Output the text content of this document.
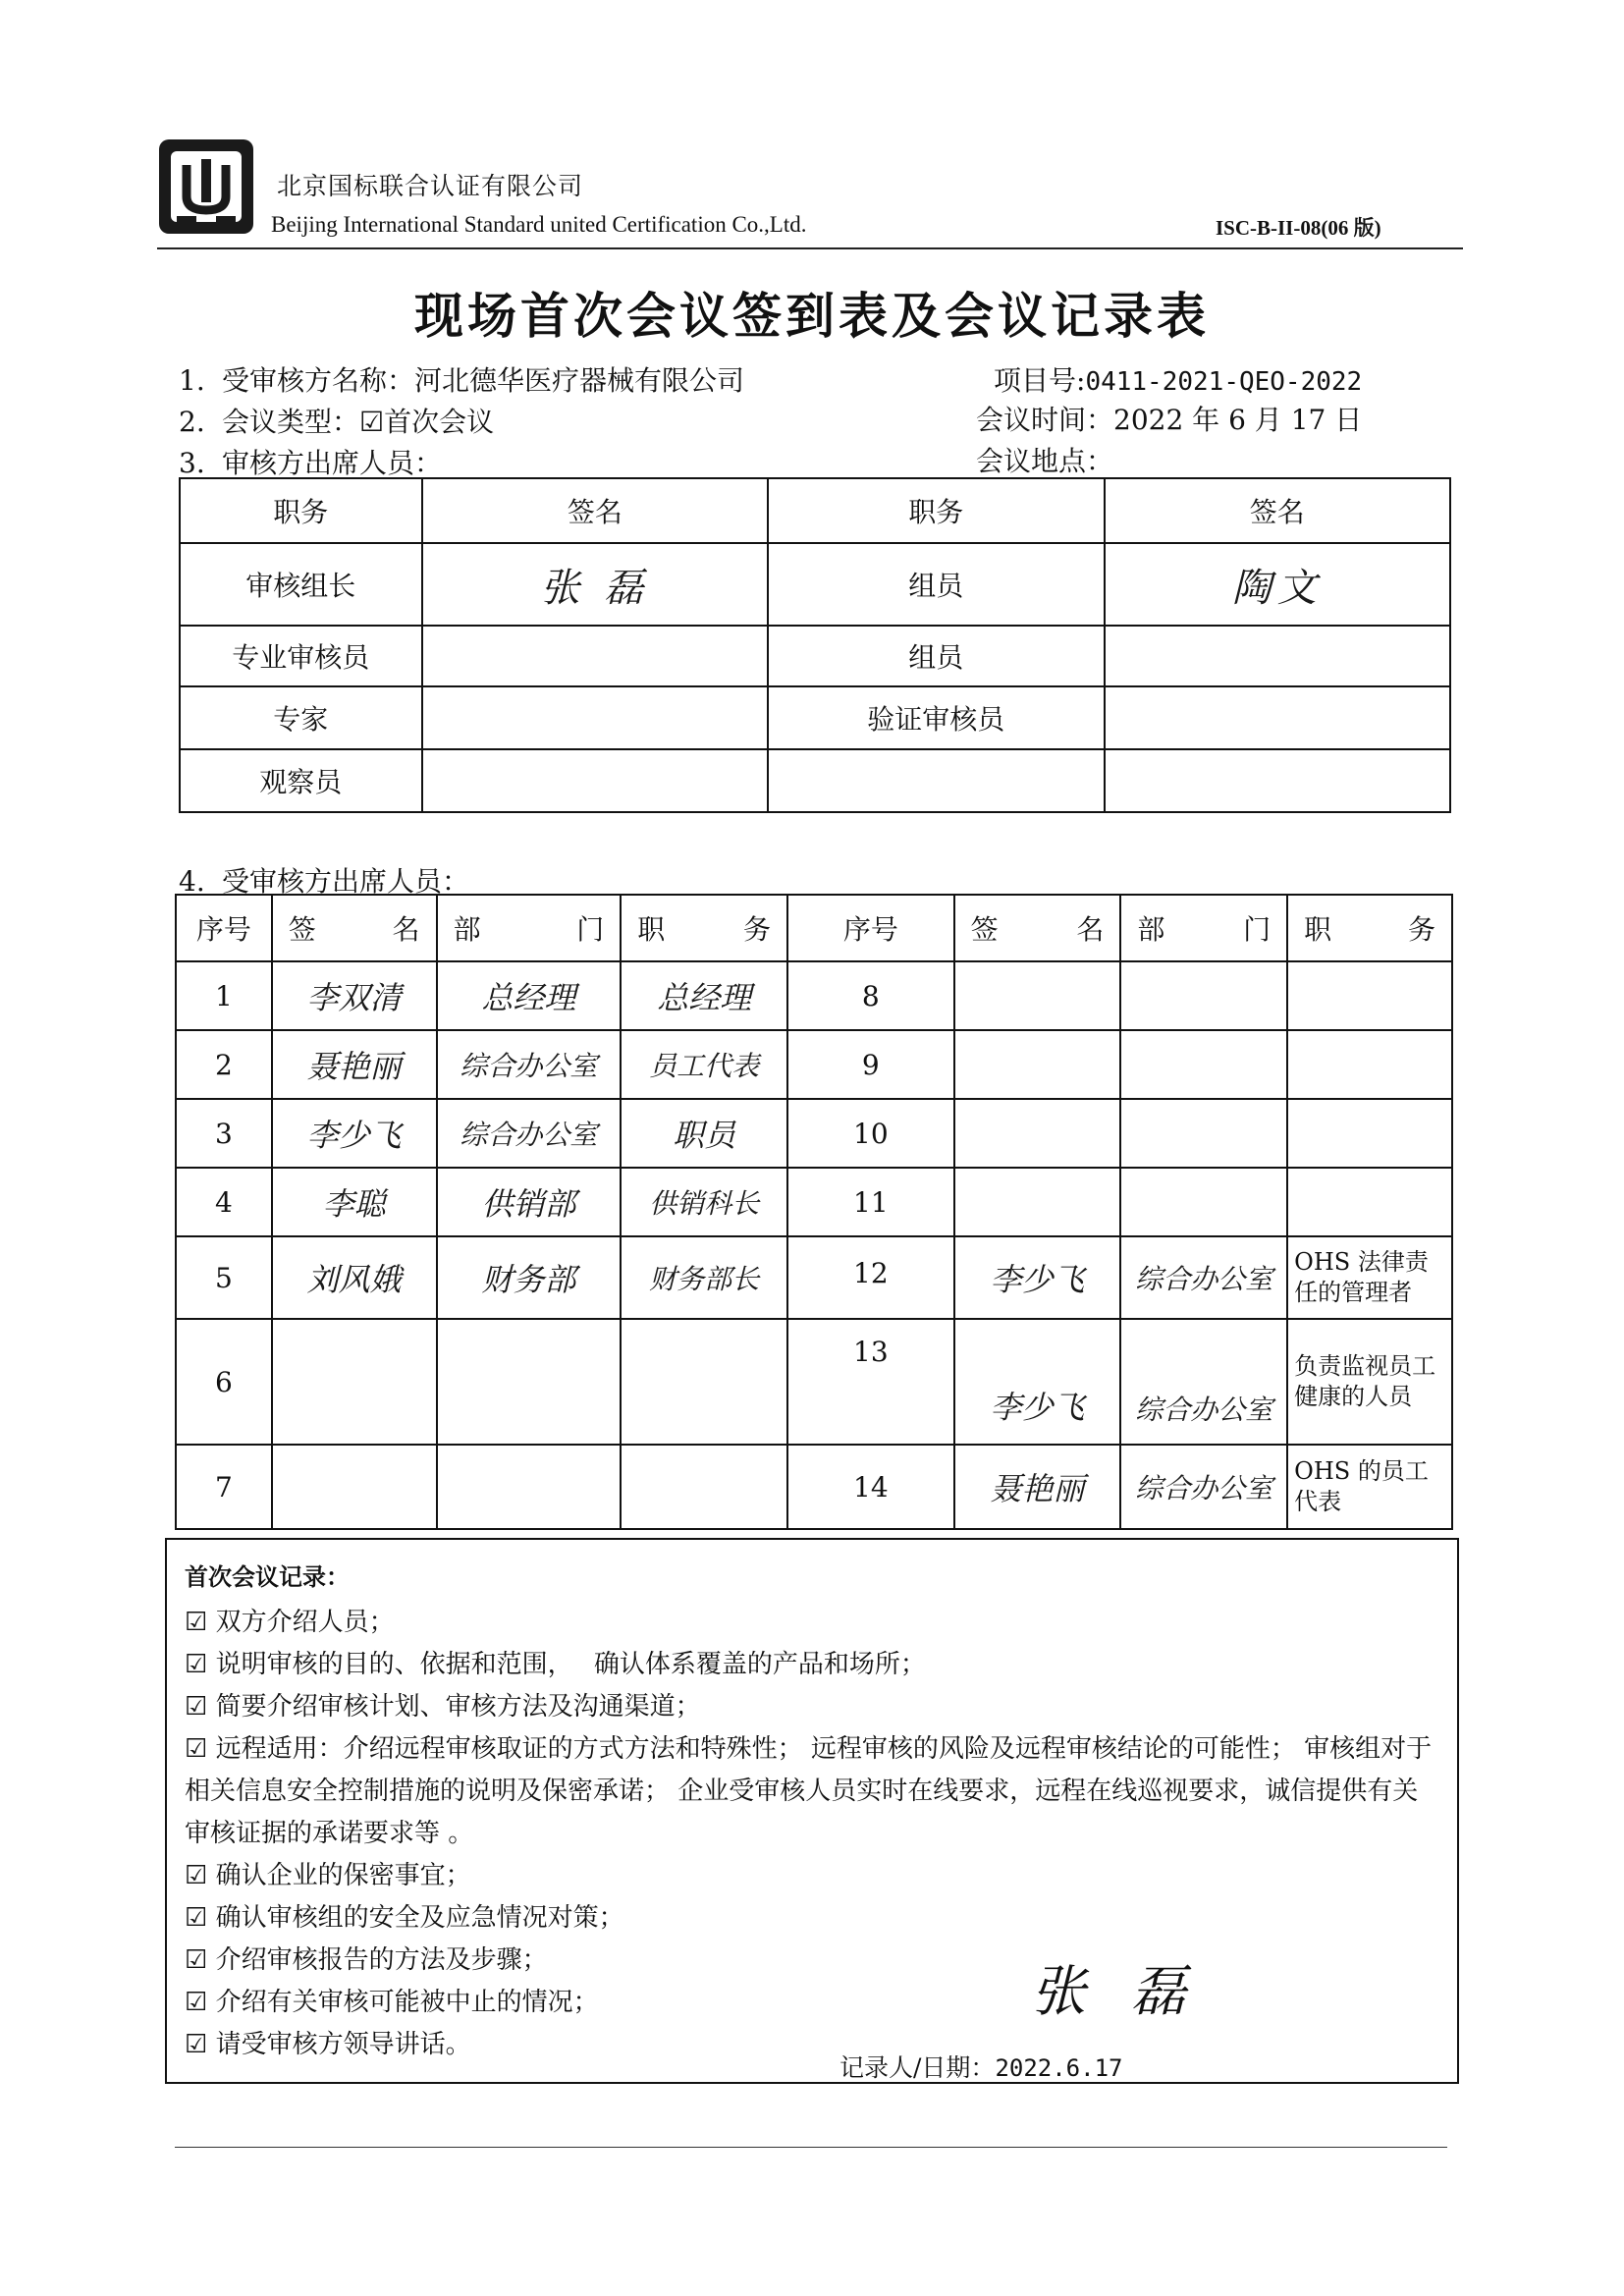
北京国标联合认证有限公司
Beijing International Standard united Certification Co.,Ltd.	ISC-B-II-08(06 版)
现场首次会议签到表及会议记录表
1. 受审核方名称：河北德华医疗器械有限公司	项目号:0411-2021-QEO-2022
2. 会议类型：☑首次会议	会议时间：2022 年 6 月 17 日
3. 审核方出席人员：	会议地点：
职务	签名	职务	签名
审核组长	张 磊	组员	陶文
专业审核员		组员	
专家		验证审核员	
观察员			
4. 受审核方出席人员：
序号	签 名	部 门	职 务	序号	签 名	部 门	职 务

1	李双清	总经理	总经理	8			
2	聂艳丽	综合办公室	员工代表	9			
3	李少飞	综合办公室	职员	10			
4	李聪	供销部	供销科长	11			
5	刘风娥	财务部	财务部长	12	李少飞	综合办公室	OHS 法律责任的管理者
6				13	李少飞	综合办公室	负责监视员工健康的人员
7				14	聂艳丽	综合办公室	OHS 的员工代表
首次会议记录：
☑ 双方介绍人员；
☑ 说明审核的目的、依据和范围，　 确认体系覆盖的产品和场所；
☑ 简要介绍审核计划、审核方法及沟通渠道；
☑ 远程适用：介绍远程审核取证的方式方法和特殊性； 远程审核的风险及远程审核结论的可能性； 审核组对于相关信息安全控制措施的说明及保密承诺； 企业受审核人员实时在线要求，远程在线巡视要求，诚信提供有关审核证据的承诺要求等 。
☑ 确认企业的保密事宜；
☑ 确认审核组的安全及应急情况对策；
☑ 介绍审核报告的方法及步骤；
☑ 介绍有关审核可能被中止的情况；
☑ 请受审核方领导讲话。
张 磊
记录人/日期：2022.6.17
